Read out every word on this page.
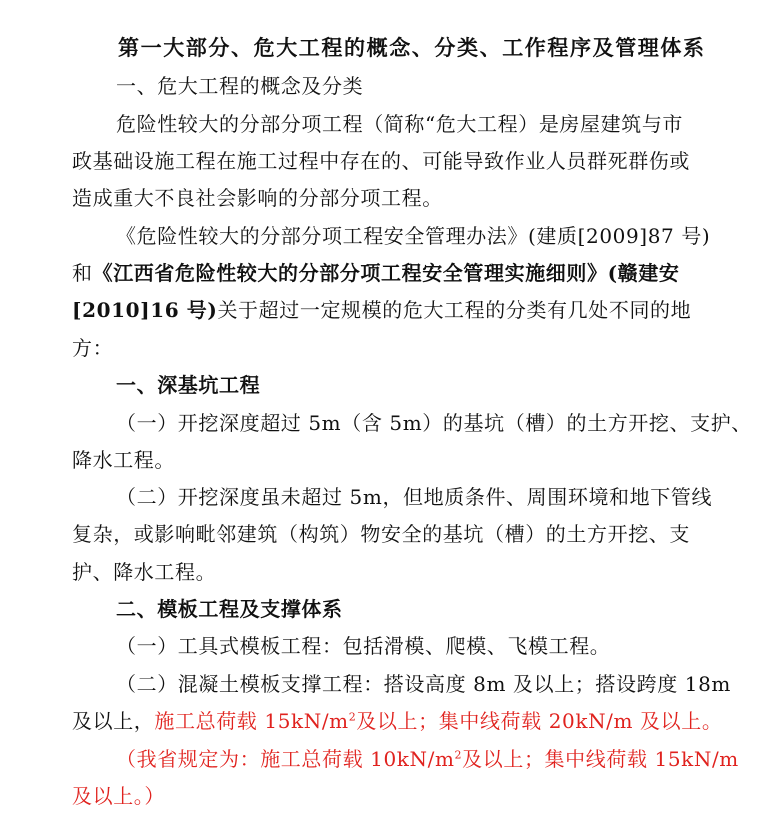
第一大部分、危大工程的概念、分类、工作程序及管理体系
一、危大工程的概念及分类
危险性较大的分部分项工程（简称“危大工程）是房屋建筑与市
政基础设施工程在施工过程中存在的、可能导致作业人员群死群伤或
造成重大不良社会影响的分部分项工程。
《危险性较大的分部分项工程安全管理办法》(建质[2009]87 号)
和《江西省危险性较大的分部分项工程安全管理实施细则》(赣建安
[2010]16 号)关于超过一定规模的危大工程的分类有几处不同的地
方：
一、深基坑工程
（一）开挖深度超过 5m（含 5m）的基坑（槽）的土方开挖、支护、
降水工程。
（二）开挖深度虽未超过 5m，但地质条件、周围环境和地下管线
复杂，或影响毗邻建筑（构筑）物安全的基坑（槽）的土方开挖、支
护、降水工程。
二、模板工程及支撑体系
（一）工具式模板工程：包括滑模、爬模、飞模工程。
（二）混凝土模板支撑工程：搭设高度 8m 及以上；搭设跨度 18m
及以上，施工总荷载 $15kN/m^2$及以上；集中线荷载 20kN/m 及以上。
（我省规定为：施工总荷载 $10kN/m^2$及以上；集中线荷载 15kN/m
及以上。）
